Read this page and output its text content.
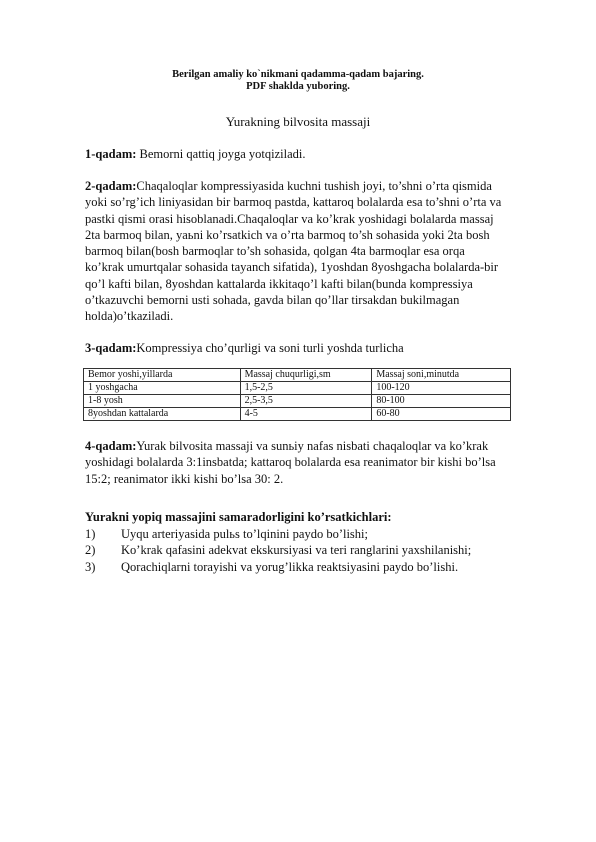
Berilgan amaliy ko`nikmani qadamma-qadam bajaring.
PDF shaklda yuboring.
Yurakning bilvosita massaji
1-qadam: Bemorni qattiq joyga yotqiziladi.
2-qadam:Chaqaloqlar kompressiyasida kuchni tushish joyi, to’shni o’rta qismida
yoki so’rg’ich liniyasidan bir barmoq pastda, kattaroq bolalarda esa to’shni o’rta va
pastki qismi orasi hisoblanadi.Chaqaloqlar va ko’krak yoshidagi bolalarda massaj
2ta barmoq bilan, yaьni ko’rsatkich va o’rta barmoq to’sh sohasida yoki 2ta bosh
barmoq bilan(bosh barmoqlar to’sh sohasida, qolgan 4ta barmoqlar esa orqa
ko’krak umurtqalar sohasida tayanch sifatida), 1yoshdan 8yoshgacha bolalarda-bir
qo’l kafti bilan, 8yoshdan kattalarda ikkitaqo’l kafti bilan(bunda kompressiya
o’tkazuvchi bemorni usti sohada, gavda bilan qo’llar tirsakdan bukilmagan
holda)o’tkaziladi.
3-qadam:Kompressiya cho’qurligi va soni turli yoshda turlicha
Bemor yoshi,yillarda	Massaj chuqurligi,sm	Massaj soni,minutda
1 yoshgacha	1,5-2,5	100-120
1-8 yosh	2,5-3,5	80-100
8yoshdan kattalarda	4-5	60-80
4-qadam:Yurak bilvosita massaji va sunьiy nafas nisbati chaqaloqlar va ko’krak
yoshidagi bolalarda 3:1insbatda; kattaroq bolalarda esa reanimator bir kishi bo’lsa
15:2; reanimator ikki kishi bo’lsa 30: 2.
Yurakni yopiq massajini samaradorligini ko’rsatkichlari:
1) Uyqu arteriyasida pulьs to’lqinini paydo bo’lishi;
2) Ko’krak qafasini adekvat ekskursiyasi va teri ranglarini yaxshilanishi;
3) Qorachiqlarni torayishi va yorug’likka reaktsiyasini paydo bo’lishi.
